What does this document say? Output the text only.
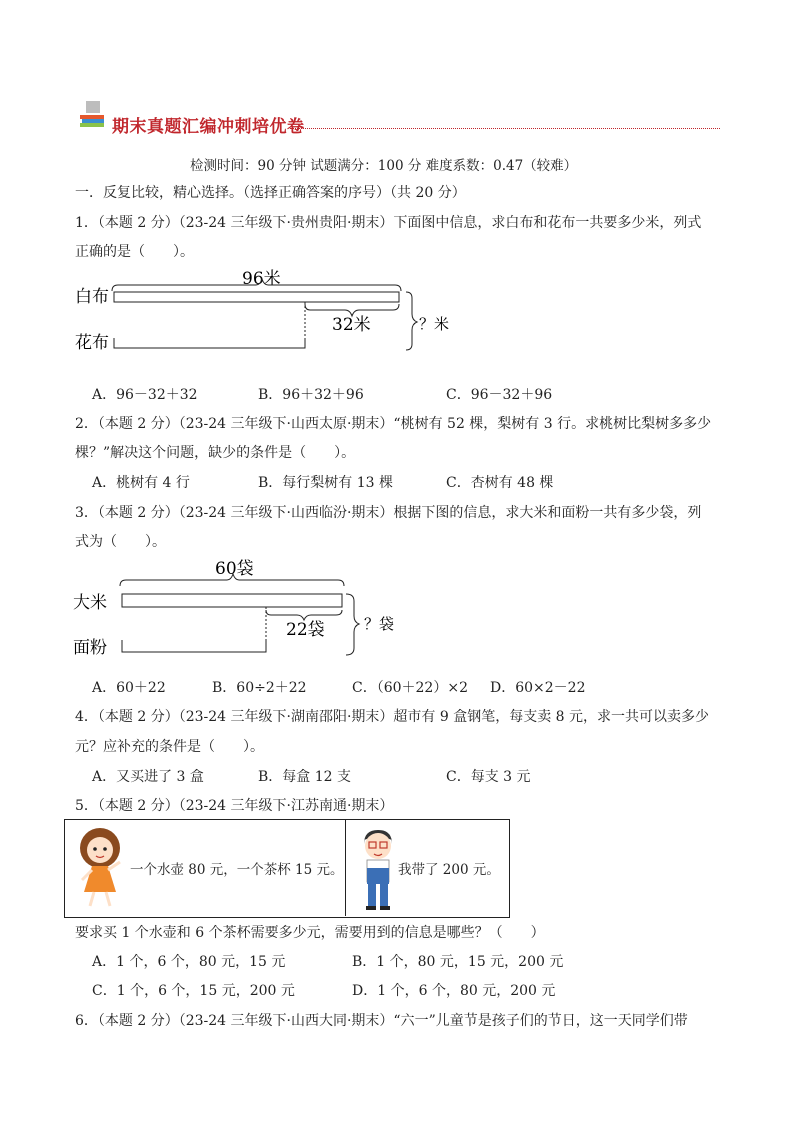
期末真题汇编冲刺培优卷
检测时间：90 分钟 试题满分：100 分 难度系数：0.47（较难）
一．反复比较，精心选择。（选择正确答案的序号）（共 20 分）
1．（本题 2 分）（23-24 三年级下·贵州贵阳·期末）下面图中信息，求白布和花布一共要多少米，列式
正确的是（　　）。
96米
白布
32米
花布
？米
A．96－32＋32	B．96＋32＋96	C．96－32＋96
2．（本题 2 分）（23-24 三年级下·山西太原·期末）“桃树有 52 棵，梨树有 3 行。求桃树比梨树多多少
棵？”解决这个问题，缺少的条件是（　　）。
A．桃树有 4 行	B．每行梨树有 13 棵	C．杏树有 48 棵
3．（本题 2 分）（23-24 三年级下·山西临汾·期末）根据下图的信息，求大米和面粉一共有多少袋，列
式为（　　）。
60袋
大米
22袋
面粉
？袋
A．60＋22	B．60÷2＋22	C．（60＋22）×2 D．60×2－22
4．（本题 2 分）（23-24 三年级下·湖南邵阳·期末）超市有 9 盒钢笔，每支卖 8 元，求一共可以卖多少
元？应补充的条件是（　　）。
A．又买进了 3 盒	B．每盒 12 支	C．每支 3 元
5．（本题 2 分）（23-24 三年级下·江苏南通·期末）
一个水壶 80 元，一个茶杯 15 元。	我带了 200 元。
要求买 1 个水壶和 6 个茶杯需要多少元，需要用到的信息是哪些？（　　）
A．1 个，6 个，80 元，15 元	B．1 个，80 元，15 元，200 元
C．1 个，6 个，15 元，200 元	D．1 个，6 个，80 元，200 元
6．（本题 2 分）（23-24 三年级下·山西大同·期末）“六一”儿童节是孩子们的节日，这一天同学们带
